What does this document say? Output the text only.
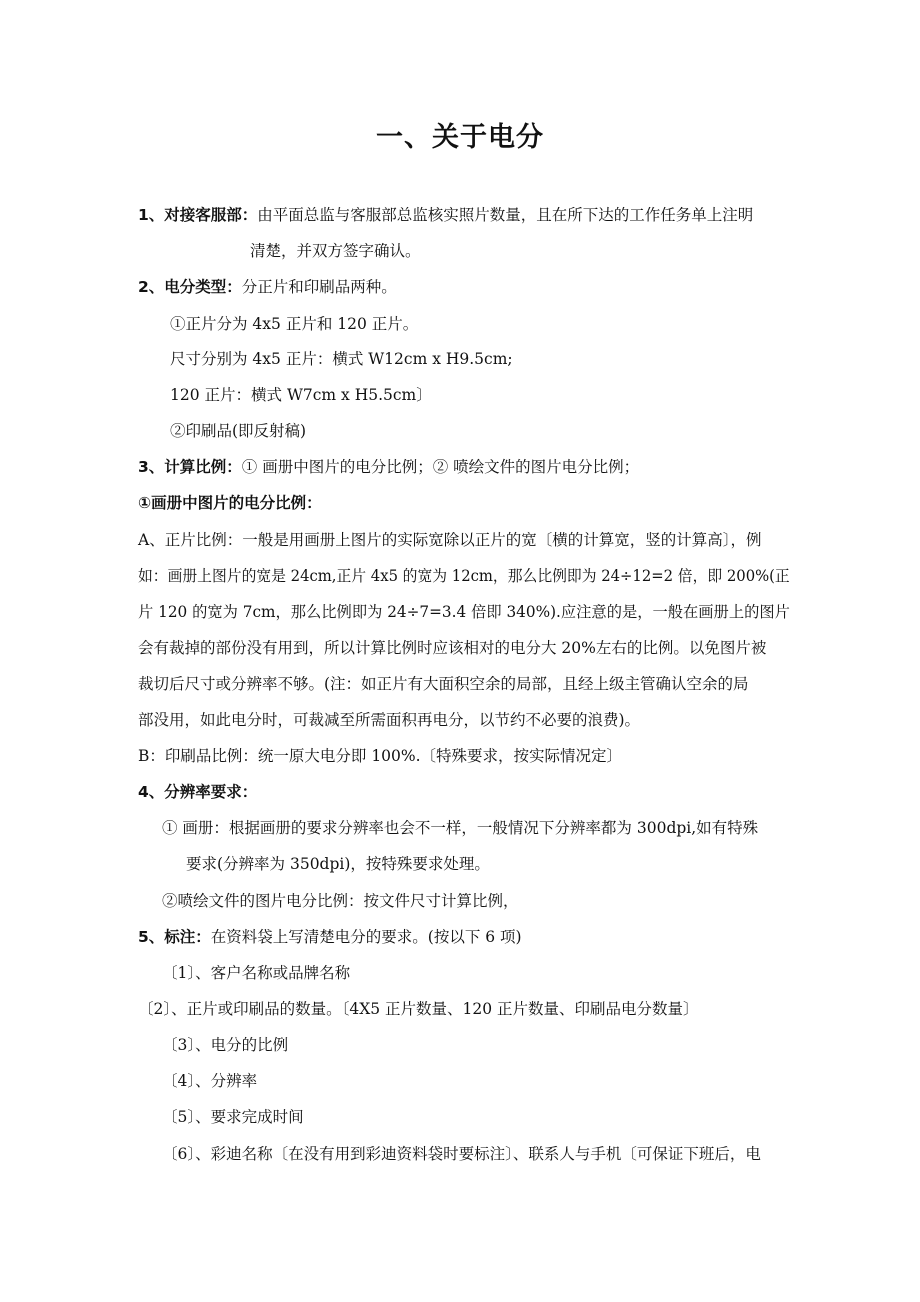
一、关于电分
1、对接客服部：由平面总监与客服部总监核实照片数量，且在所下达的工作任务单上注明
清楚，并双方签字确认。
2、电分类型：分正片和印刷品两种。
①正片分为 4x5 正片和 120 正片。
尺寸分别为 4x5 正片：横式 W12cm x H9.5cm;
120 正片：横式 W7cm x H5.5cm〕
②印刷品(即反射稿)
3、计算比例：① 画册中图片的电分比例；② 喷绘文件的图片电分比例；
①画册中图片的电分比例：
A、正片比例：一般是用画册上图片的实际宽除以正片的宽〔横的计算宽，竖的计算高〕，例
如：画册上图片的宽是 24cm,正片 4x5 的宽为 12cm，那么比例即为 24÷12=2 倍，即 200%(正
片 120 的宽为 7cm，那么比例即为 24÷7=3.4 倍即 340%).应注意的是，一般在画册上的图片
会有裁掉的部份没有用到，所以计算比例时应该相对的电分大 20%左右的比例。以免图片被
裁切后尺寸或分辨率不够。(注：如正片有大面积空余的局部，且经上级主管确认空余的局
部没用，如此电分时，可裁减至所需面积再电分，以节约不必要的浪费)。
B：印刷品比例：统一原大电分即 100%.〔特殊要求，按实际情况定〕
4、分辨率要求：
① 画册：根据画册的要求分辨率也会不一样，一般情况下分辨率都为 300dpi,如有特殊
要求(分辨率为 350dpi)，按特殊要求处理。
②喷绘文件的图片电分比例：按文件尺寸计算比例，
5、标注：在资料袋上写清楚电分的要求。(按以下 6 项)
〔1〕、客户名称或品牌名称
〔2〕、正片或印刷品的数量。〔4X5 正片数量、120 正片数量、印刷品电分数量〕
〔3〕、电分的比例
〔4〕、分辨率
〔5〕、要求完成时间
〔6〕、彩迪名称〔在没有用到彩迪资料袋时要标注〕、联系人与手机〔可保证下班后，电
